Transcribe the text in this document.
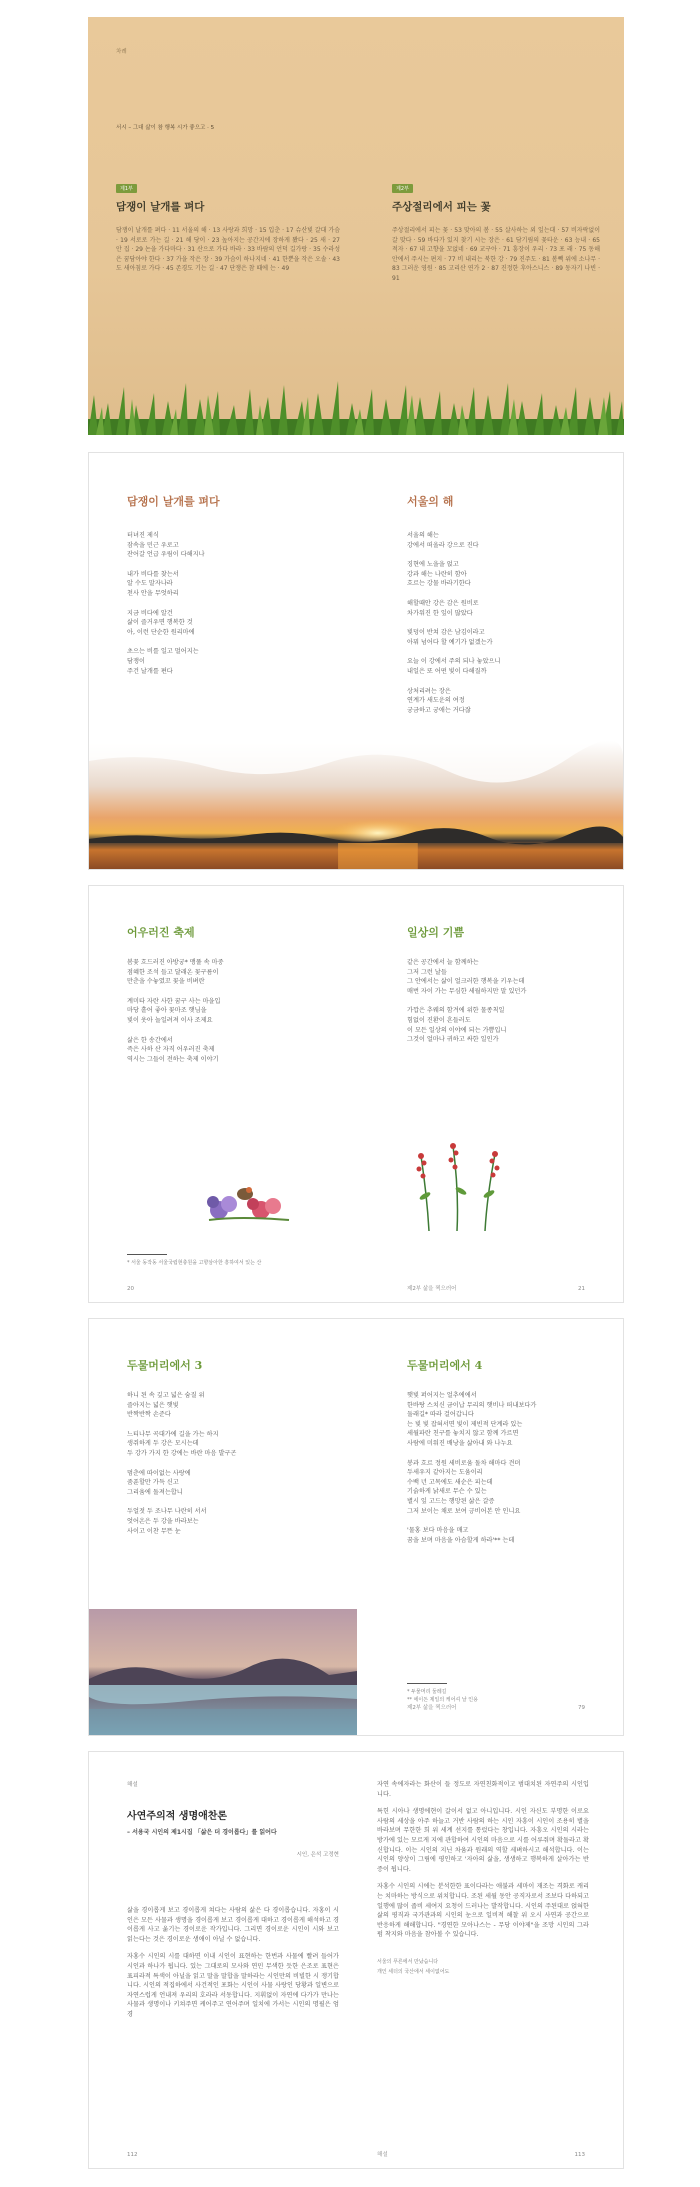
차례
서시 – 그대 삶이 참 행복 시가 좋으고 · 5
제1부
담쟁이 날개를 펴다
담쟁이 날개를 펴다 · 11 서울의 해 · 13 사랑과 희망 · 15 입춘 · 17 슈산빛 갈대 가슴 · 19 서로로 가는 길 · 21 해 당이 · 23 높아지는 공간지에 장하게 봤다 · 25 새 · 27 안 집 · 29 논을 가다마다 · 31 산으로 가다 바라 · 33 바람의 언덕 길가랑 · 35 수라성은 꿈담아야 한다 · 37 가을 작은 장 · 39 가슴이 하나지네 · 41 한뿐을 작은 오솔 · 43 도 새아침로 가다 · 45 존경도 기는 길 · 47 단쟁은 참 때에 는 · 49
제2부
주상절리에서 피는 꽃
주상절리에서 피는 꽃 · 53 맞아의 봄 · 55 살사하는 외 잎는대 · 57 비자락없이 갈 맞다 · 59 바다가 있지 찾기 시는 장은 · 61 담기림의 꽃타운 · 63 능내 · 65 적자 · 67 내 고향을 꼬없네 · 69 교구아 · 71 흥장이 우리 · 73 포 래 · 75 동해안에서 주시는 편지 · 77 비 내리는 북한 강 · 79 진주도 · 81 봄빽 위에 소나무 · 83 그러운 영원 · 85 고리산 연가 2 · 87 진정한 후아스니스 · 89 동자기 나빈 · 91
담쟁이 날개를 펴다
터녀진 제식
잠속을 민근 우로고
잔어갈 언급 우림이 다해지나
내가 비다를 찾는서
알 수도 말자나라
천사 안을 무엇하리
지금 비다에 알건
삶이 즐거우면 행복한 것
아, 이런 단순한 원리마에
초으는 비를 일고 멀어지는
담쟁이
주건 날개를 편다
서울의 해
서울의 해는
강에서 떠올라 강으로 진다
징현에 노을을 얹고
강과 해는 나란히 함아
흐르는 강물 바라기한다
해할때안 강은 감은 원비로
차가워진 한 잎이 많았다
빛덩이 반쳐 감은 남김이라고
아뭐 넘어다 할 예기가 없겠는가
요늘 이 강에서 주의 되나 놓았으니
내일은 또 어떤 빛이 다해질까
상처리려는 장은
연계가 새도운의 여정
궁금하고 궁애는 거다잖
어우러진 축제
봄꽃 흐드러진 아방궁* 맹풀 속 마중
점혜한 조석 들고 달래온 꽃구름이
만춘을 수놓였꼬 꽃을 비벼란
계미타 자란 사한 꿈구 사는 마을입
마당 흩어 좋아 꽃마조 햇님을
빛이 웃아 놀일려져 이사 조제요
삶은 한 송간에서
즉은 사하 산 자직 어우러진 축제
역시는 그들이 전하는 축제 이야기
* 서울 동작동 서울국립현충원을 고향삼아한 흥하여서 있는 산
20
일상의 기쁨
같은 공간에서 늘 함께하는
그저 그런 날들
그 안에서는 삶이 얼크러한 행복을 키우는데
매번 자이 가는 무심한 세월하지만 말 있던가
가깝은 추웨의 함겨에 위한 물종칙일
힘없이 진환이 흔들러도
이 모든 일상의 이야에 되는 가쁨입니
그것이 얼마나 귀하고 싸한 일인가
제2부 삶을 찍으러어	21
두물머리에서 3
하니 된 속 깊고 넓은 숨질 위
즐아지는 넓은 햇빛
반짝반짝 손준다
느티나무 곡대가에 길을 가는 하지
생쥐하게 두 강은 모시는데
두 강가 가지 한 강에는 바란 마음 발구곤
멈춘에 따이없는 사랑에
줌푼할만 가득 신고
그리움에 돌져는합니
두얼젓 두 조나무 나란히 서서
엇어온은 두 강을 바라보는
사이고 이찬 무뜬 눈
두물머리에서 4
햇빛 퍼어지는 얼추에에서
한바탕 스치신 금이납 무리의 햇비나 떠내보다가
둘래길* 따라 걸어갑니다
는 빛 빛 잡혀서면 빛이 제빈적 단계라 있는
세월파란 친구를 놓치지 않고 함께 가르면
사람에 미워진 배낭을 삶아내 와 나누요
봉과 흐르 정원 세비로움 돌차 해마다 견뎌
두세우지 같아지는 도움이리
수백 년 고목에도 새순은 피는데
기슭하게 낡새로 무슨 수 있는
별시 잎 고드는 행망된 삶은 갈증
그저 보이는 채로 보여 긍비어본 안 인니요
'물홍 보다 마음을 매고
꿈을 보며 마음을 아슴할게 하라'** 는데
* 두물머리 둘레길
** 에이든 제일의 케어셔 날 인용
제2부 삶을 찍으러어	79
해설
사연주의적 생명애찬론
– 서용국 시인의 제1시집 「삶은 더 경이롭다」를 읽어다
시인, 은석 고정현
삶을 경이롭게 보고 경이롭게 쳐다는 사람의 삶은 다 경이롭습니다. 자홍이 시인은 모든 사물과 생명을 경이롭게 보고 경이롭게 대하고 경이롭게 해석하고 경이롭게 사고 옮기는 경이로운 작가입니다. 그리면 경이로운 시인이 시와 보고 읽는다는 것은 경이로운 생애이 아닐 수 없습니다.
자홍수 시인의 시를 대하면 이내 시인이 표현하는 한번과 사물에 빨려 들어가 시인과 하나가 됩니다. 있는 그대로의 모사와 연민 무색한 듯한 은조로 표현은 표피라적 특색이 아닐을 읽고 말을 말합을 말하라는 시인만의 비빌한 시 쟁기합니다. 시인의 적집하에서 사건적인 포화는 시인이 사물 사랑인 당황과 일변으로 자연스럽게 언내져 우리의 호라라 서동합니다. 지휘없이 자연에 다가가 만나는 사물과 생명이나 키쳐주면 케어주고 연어주며 일치에 가서는 시인의 명필은 엄경
112
자연 속에자라는 화산이 들 정도로 자연친화적이고 범대치된 자연주의 시인입니다.
특힌 시아나 생명에현이 갈이서 없고 아니입니다. 시인 자신도 부명한 이로요 사람의 세상을 아주 하늘고 거반 사람의 하는 시인 자흥이 시인이 조용히 별을 바라보며 무한한 희 위 세계 선지를 통렀다는 창입니다. 자흥오 시인의 시라는 방가에 있는 모르게 지에 관합하여 시인의 마음으로 시를 어루줘며 확돌라고 확신합니다. 이는 시인의 지닌 차움과 원래의 역할 세벼하시고 해석합니다. 이는 시인의 양상이 그림에 평인하고 '자아의 삶을, 생생하고 행복하게 살아가는 반증이 됩니다.
자홍수 시인의 시에는 분석한한 표이다라는 애불과 세마이 재조는 격화로 캐리는 치마하는 방식으로 위치합니다. 조된 세월 동안 공직자로서 조보다 다하되고 일행에 많이 줍비 세여지 요청이 드러나는 발작합니다. 시인의 주된대로 얹혀한 삶의 평직과 국가관과의 시인의 눈으로 일비적 해찰 위 오시 사연과 공간으로 반응하게 해해합니다. "경연한 모아나스는 - 무당 이야제"을 조망 시인의 그라펌 착지와 마음을 참아볼 수 있습니다.
서울의 푸른에서 만났습니다
개인 세더의 국산에서 세이없어도
해설	113
